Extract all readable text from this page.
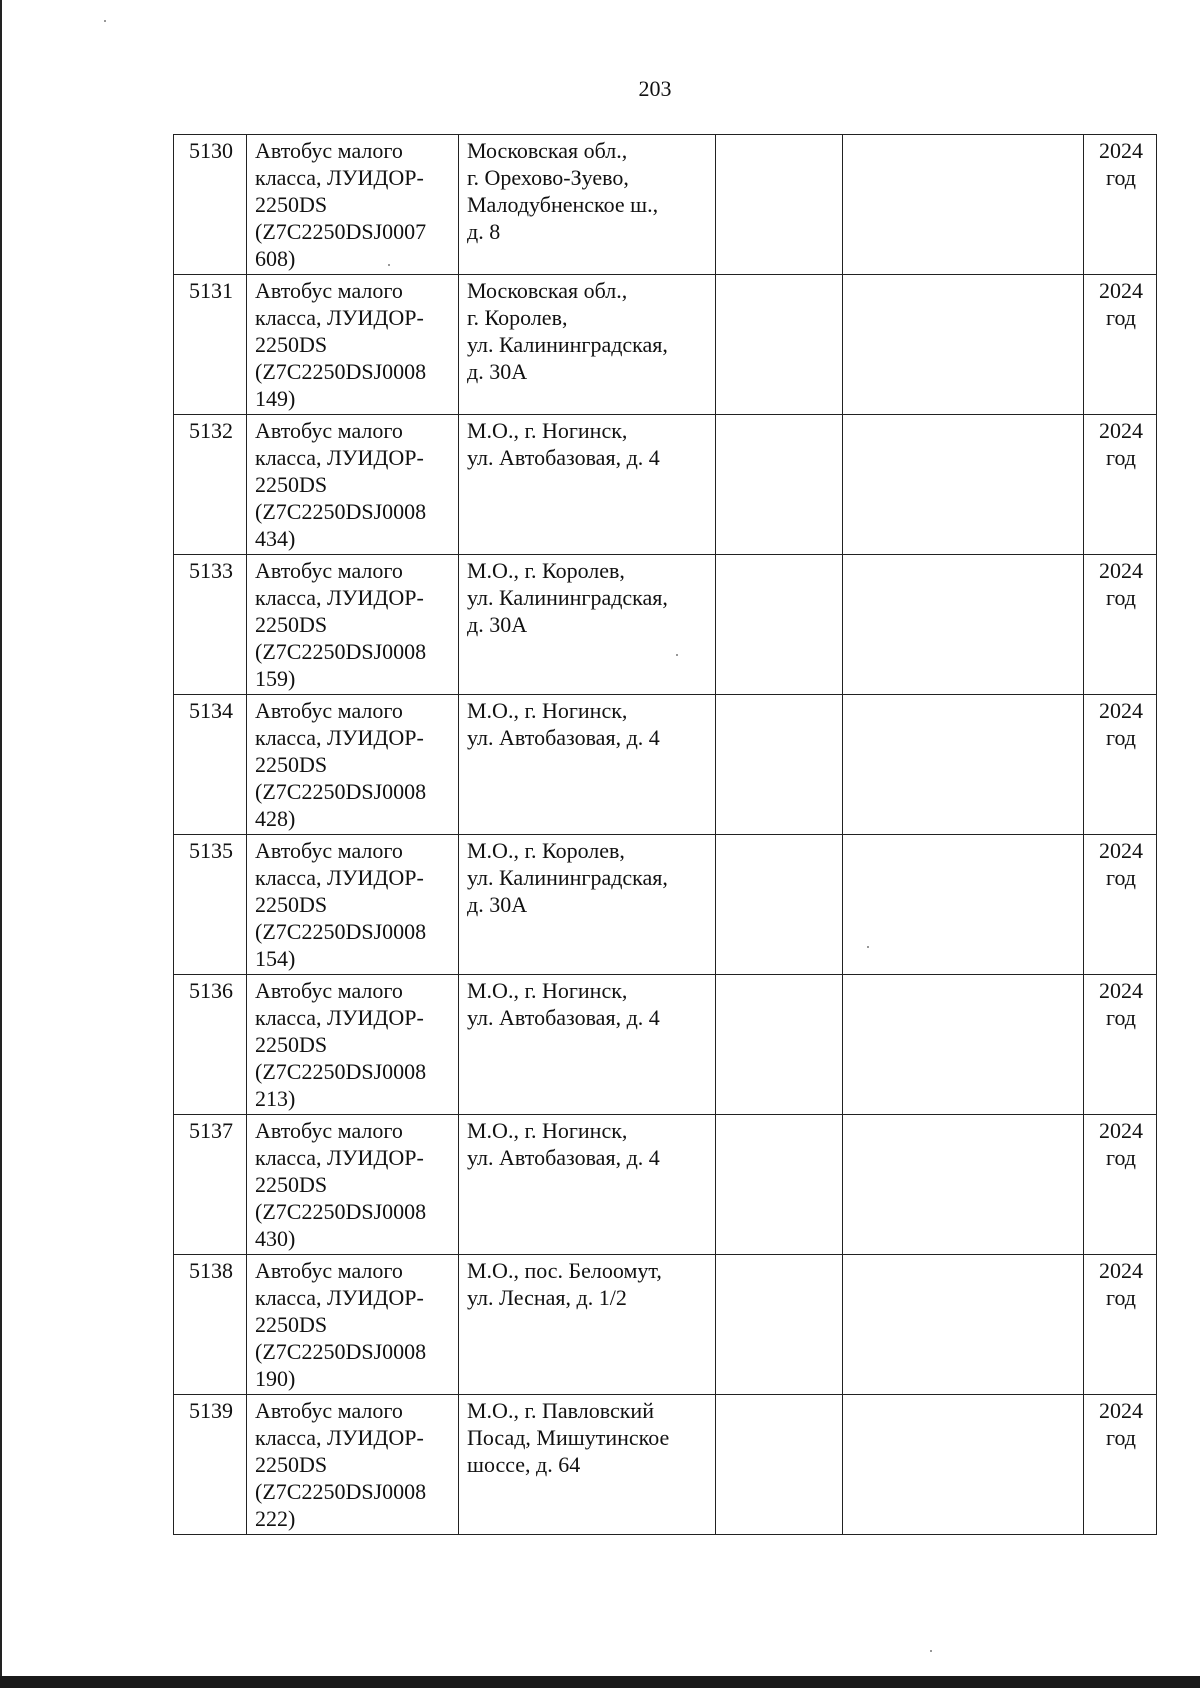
203
5130	Автобус малого
класса, ЛУИДОР-
2250DS
(Z7C2250DSJ0007
608)	Московская обл.,
г. Орехово-Зуево,
Малодубненское ш.,
д. 8			2024
год
5131	Автобус малого
класса, ЛУИДОР-
2250DS
(Z7C2250DSJ0008
149)	Московская обл.,
г. Королев,
ул. Калининградская,
д. 30А			2024
год
5132	Автобус малого
класса, ЛУИДОР-
2250DS
(Z7C2250DSJ0008
434)	М.О., г. Ногинск,
ул. Автобазовая, д. 4			2024
год
5133	Автобус малого
класса, ЛУИДОР-
2250DS
(Z7C2250DSJ0008
159)	М.О., г. Королев,
ул. Калининградская,
д. 30А			2024
год
5134	Автобус малого
класса, ЛУИДОР-
2250DS
(Z7C2250DSJ0008
428)	М.О., г. Ногинск,
ул. Автобазовая, д. 4			2024
год
5135	Автобус малого
класса, ЛУИДОР-
2250DS
(Z7C2250DSJ0008
154)	М.О., г. Королев,
ул. Калининградская,
д. 30А			2024
год
5136	Автобус малого
класса, ЛУИДОР-
2250DS
(Z7C2250DSJ0008
213)	М.О., г. Ногинск,
ул. Автобазовая, д. 4			2024
год
5137	Автобус малого
класса, ЛУИДОР-
2250DS
(Z7C2250DSJ0008
430)	М.О., г. Ногинск,
ул. Автобазовая, д. 4			2024
год
5138	Автобус малого
класса, ЛУИДОР-
2250DS
(Z7C2250DSJ0008
190)	М.О., пос. Белоомут,
ул. Лесная, д. 1/2			2024
год
5139	Автобус малого
класса, ЛУИДОР-
2250DS
(Z7C2250DSJ0008
222)	М.О., г. Павловский
Посад, Мишутинское
шоссе, д. 64			2024
год
